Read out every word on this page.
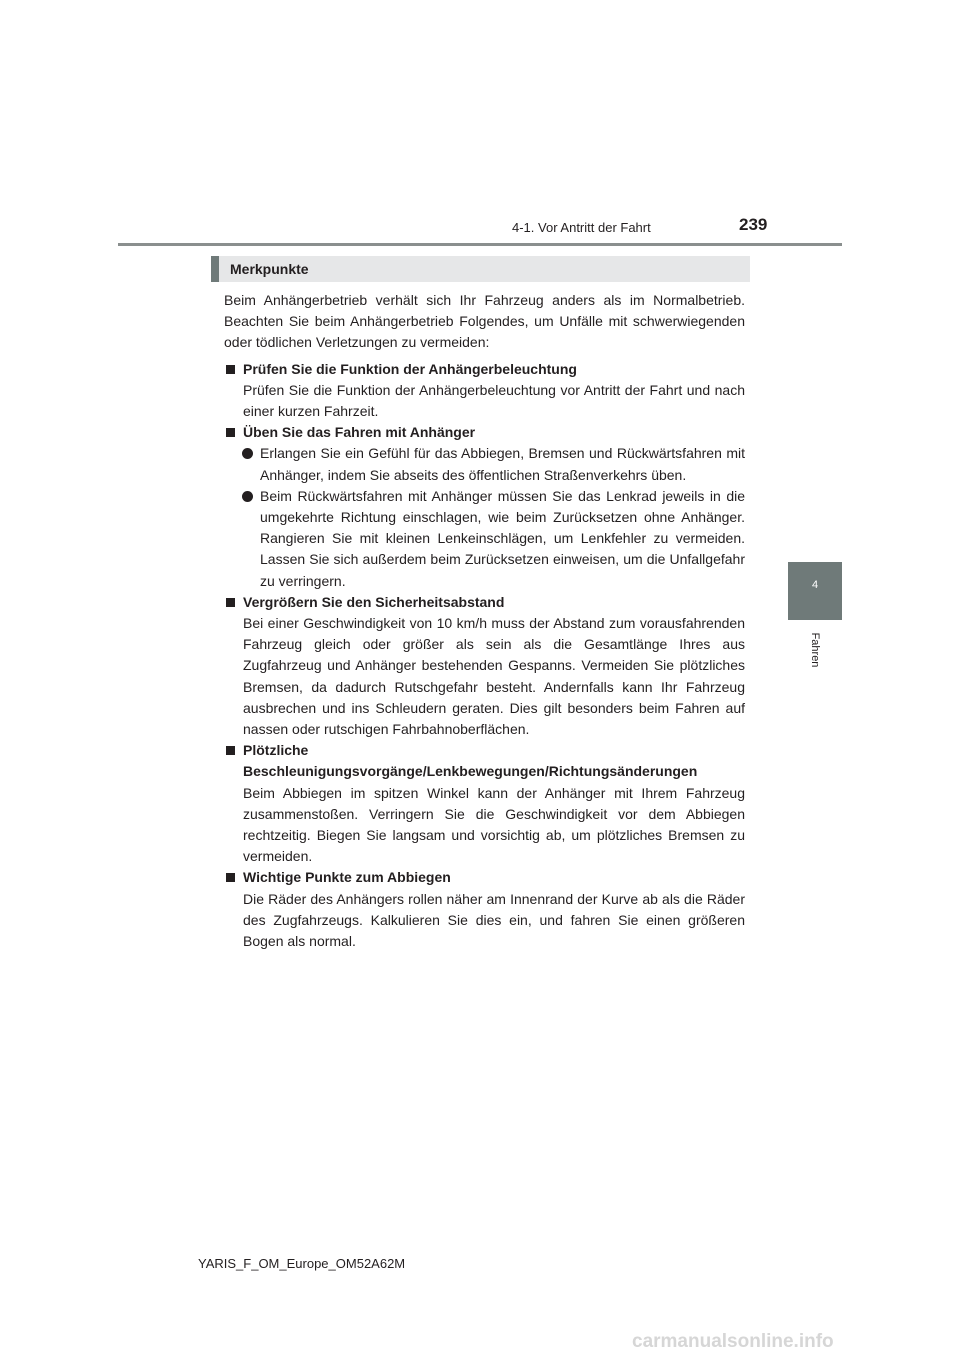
4-1. Vor Antritt der Fahrt	239
4
Fahren
Merkpunkte

Beim Anhängerbetrieb verhält sich Ihr Fahrzeug anders als im Normalbetrieb. Beachten Sie beim Anhängerbetrieb Folgendes, um Unfälle mit schwerwiegenden oder tödlichen Verletzungen zu vermeiden:

Prüfen Sie die Funktion der Anhängerbeleuchtung

Prüfen Sie die Funktion der Anhängerbeleuchtung vor Antritt der Fahrt und nach einer kurzen Fahrzeit.

Üben Sie das Fahren mit Anhänger

Erlangen Sie ein Gefühl für das Abbiegen, Bremsen und Rückwärtsfahren mit Anhänger, indem Sie abseits des öffentlichen Straßenverkehrs üben.

Beim Rückwärtsfahren mit Anhänger müssen Sie das Lenkrad jeweils in die umgekehrte Richtung einschlagen, wie beim Zurücksetzen ohne Anhänger. Rangieren Sie mit kleinen Lenkeinschlägen, um Lenkfehler zu vermeiden. Lassen Sie sich außerdem beim Zurücksetzen einweisen, um die Unfallgefahr zu verringern.

Vergrößern Sie den Sicherheitsabstand

Bei einer Geschwindigkeit von 10 km/h muss der Abstand zum vorausfahrenden Fahrzeug gleich oder größer als sein als die Gesamtlänge Ihres aus Zugfahrzeug und Anhänger bestehenden Gespanns. Vermeiden Sie plötzliches Bremsen, da dadurch Rutschgefahr besteht. Andernfalls kann Ihr Fahrzeug ausbrechen und ins Schleudern geraten. Dies gilt besonders beim Fahren auf nassen oder rutschigen Fahrbahnoberflächen.

Plötzliche Beschleunigungsvorgänge/Lenkbewegungen/Richtungsänderungen

Beim Abbiegen im spitzen Winkel kann der Anhänger mit Ihrem Fahrzeug zusammenstoßen. Verringern Sie die Geschwindigkeit vor dem Abbiegen rechtzeitig. Biegen Sie langsam und vorsichtig ab, um plötzliches Bremsen zu vermeiden.

Wichtige Punkte zum Abbiegen

Die Räder des Anhängers rollen näher am Innenrand der Kurve ab als die Räder des Zugfahrzeugs. Kalkulieren Sie dies ein, und fahren Sie einen größeren Bogen als normal.

YARIS_F_OM_Europe_OM52A62M
carmanualsonline.info
